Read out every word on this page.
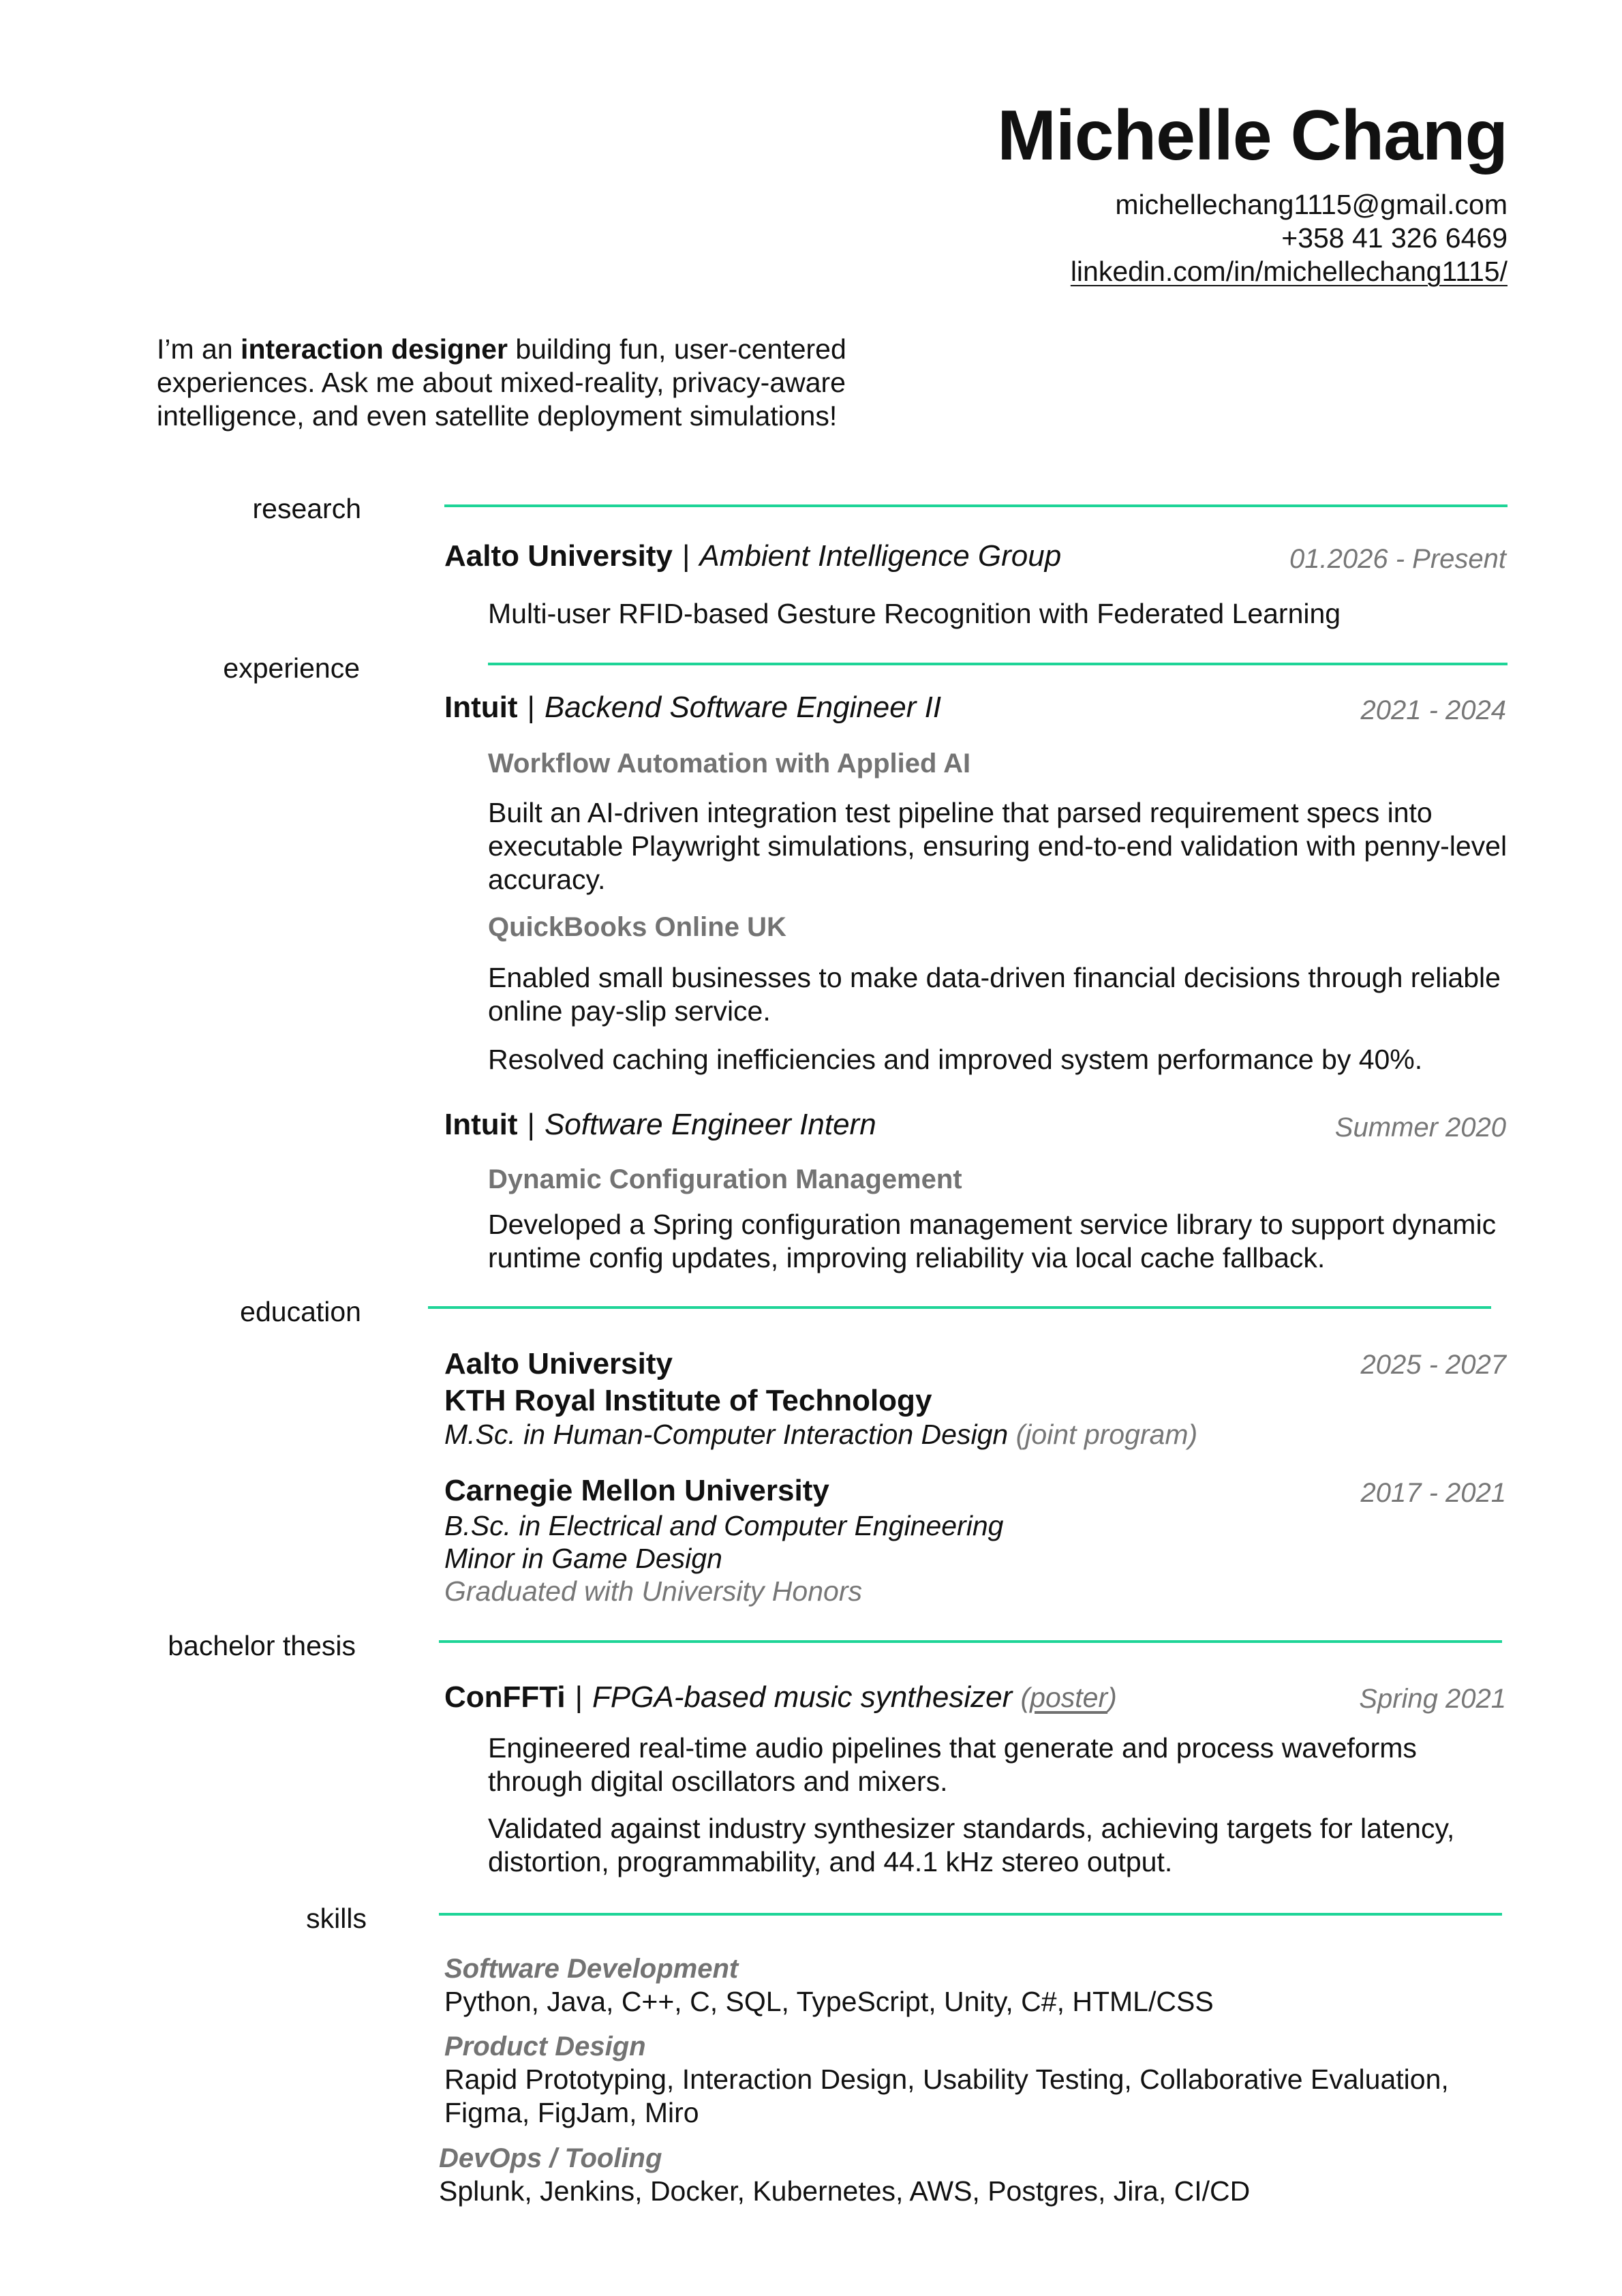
Michelle Chang
michellechang1115@gmail.com
+358 41 326 6469
linkedin.com/in/michellechang1115/
I’m an interaction designer building fun, user-centered experiences. Ask me about mixed-reality, privacy-aware intelligence, and even satellite deployment simulations!
research
Aalto University | Ambient Intelligence Group	01.2026 - Present
Multi-user RFID-based Gesture Recognition with Federated Learning
experience
Intuit | Backend Software Engineer II	2021 - 2024
Workflow Automation with Applied AI
Built an AI-driven integration test pipeline that parsed requirement specs into executable Playwright simulations, ensuring end-to-end validation with penny-level accuracy.
QuickBooks Online UK
Enabled small businesses to make data-driven financial decisions through reliable online pay-slip service.
Resolved caching inefficiencies and improved system performance by 40%.
Intuit | Software Engineer Intern	Summer 2020
Dynamic Configuration Management
Developed a Spring configuration management service library to support dynamic runtime config updates, improving reliability via local cache fallback.
education
Aalto University	2025 - 2027
KTH Royal Institute of Technology
M.Sc. in Human-Computer Interaction Design (joint program)
Carnegie Mellon University	2017 - 2021
B.Sc. in Electrical and Computer Engineering
Minor in Game Design
Graduated with University Honors
bachelor thesis
ConFFTi | FPGA-based music synthesizer (poster)	Spring 2021
Engineered real-time audio pipelines that generate and process waveforms through digital oscillators and mixers.
Validated against industry synthesizer standards, achieving targets for latency, distortion, programmability, and 44.1 kHz stereo output.
skills
Software Development
Python, Java, C++, C, SQL, TypeScript, Unity, C#, HTML/CSS
Product Design
Rapid Prototyping, Interaction Design, Usability Testing, Collaborative Evaluation, Figma, FigJam, Miro
DevOps / Tooling
Splunk, Jenkins, Docker, Kubernetes, AWS, Postgres, Jira, CI/CD
